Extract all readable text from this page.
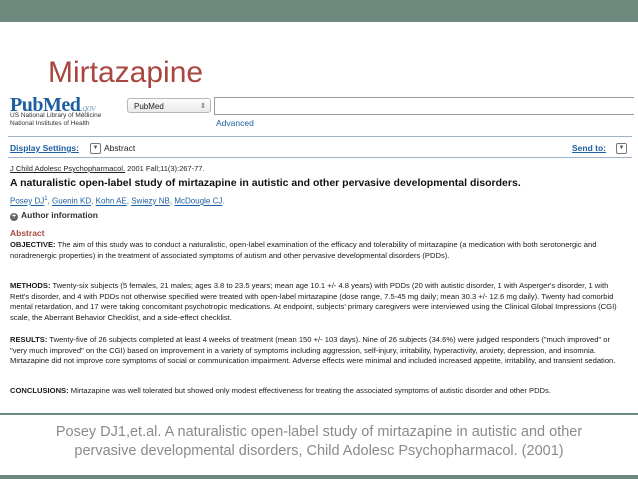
Mirtazapine
PubMed.gov
US National Library of Medicine
National Institutes of Health
PubMed	⇕
Advanced
Display Settings:	▼ Abstract	Send to:	▼
J Child Adolesc Psychopharmacol. 2001 Fall;11(3):267-77.
A naturalistic open-label study of mirtazapine in autistic and other pervasive developmental disorders.
Posey $DJ^1$, Guenin KD, Kohn AE, Swiezy NB, McDougle CJ.
+ Author information
Abstract

OBJECTIVE: The aim of this study was to conduct a naturalistic, open-label examination of the efficacy and tolerability of mirtazapine (a medication with both serotonergic and noradrenergic properties) in the treatment of associated symptoms of autism and other pervasive developmental disorders (PDDs).

METHODS: Twenty-six subjects (5 females, 21 males; ages 3.8 to 23.5 years; mean age 10.1 +/- 4.8 years) with PDDs (20 with autistic disorder, 1 with Asperger's disorder, 1 with Rett's disorder, and 4 with PDDs not otherwise specified were treated with open-label mirtazapine (dose range, 7.5-45 mg daily; mean 30.3 +/- 12.6 mg daily). Twenty had comorbid mental retardation, and 17 were taking concomitant psychotropic medications. At endpoint, subjects' primary caregivers were interviewed using the Clinical Global Impressions (CGI) scale, the Aberrant Behavior Checklist, and a side-effect checklist.

RESULTS: Twenty-five of 26 subjects completed at least 4 weeks of treatment (mean 150 +/- 103 days). Nine of 26 subjects (34.6%) were judged responders ("much improved" or "very much improved" on the CGI) based on improvement in a variety of symptoms including aggression, self-injury, irritability, hyperactivity, anxiety, depression, and insomnia. Mirtazapine did not improve core symptoms of social or communication impairment. Adverse effects were minimal and included increased appetite, irritability, and transient sedation.

CONCLUSIONS: Mirtazapine was well tolerated but showed only modest effectiveness for treating the associated symptoms of autistic disorder and other PDDs.

Posey DJ1,et.al. A naturalistic open-label study of mirtazapine in autistic and other
pervasive developmental disorders, Child Adolesc Psychopharmacol. (2001)
